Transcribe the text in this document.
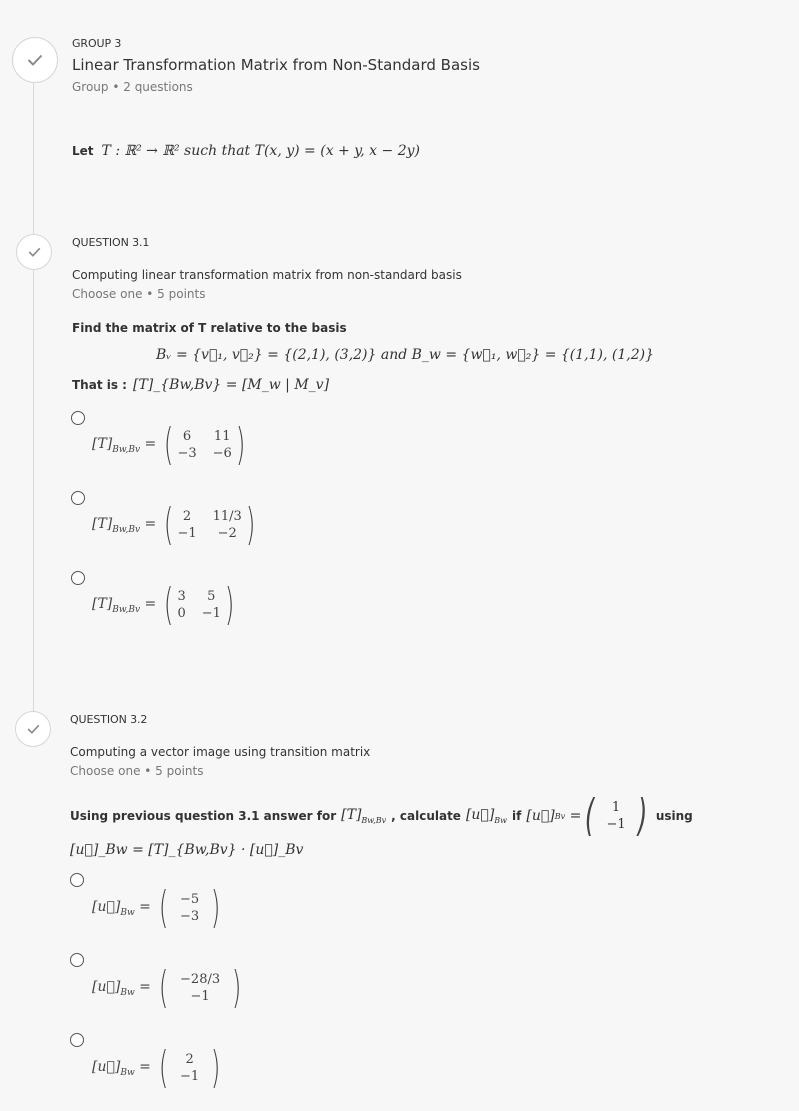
GROUP 3
Linear Transformation Matrix from Non-Standard Basis
Group • 2 questions
Let T : ℝ² → ℝ² such that T(x, y) = (x + y, x − 2y)
QUESTION 3.1
Computing linear transformation matrix from non-standard basis
Choose one • 5 points
Find the matrix of T relative to the basis
Bᵥ = {v⃗₁, v⃗₂} = {(2,1), (3,2)} and B_w = {w⃗₁, w⃗₂} = {(1,1), (1,2)}
That is : [T]_{Bw,Bv} = [M_w | M_v]
$[T]_{Bw,Bv}$ = ( 6	11
−3 −6 )
$[T]_{Bw,Bv}$ = ( 2	11/3
−1	−2 )
$[T]_{Bw,Bv}$ = ( 3	5
0 −1 )
QUESTION 3.2
Computing a vector image using transition matrix
Choose one • 5 points
Using previous question 3.1 answer for $[T]_{Bw,Bv}$ , calculate $[u⃗]_{Bw}$ if [u⃗] Bv = (	1
−1 ) using
[u⃗]_Bw = [T]_{Bw,Bv} · [u⃗]_Bv
$[u⃗]_{Bw}$ = ( −5
−3 )
$[u⃗]_{Bw}$ = ( −28/3
−1 )
$[u⃗]_{Bw}$ = (	2
−1 )
